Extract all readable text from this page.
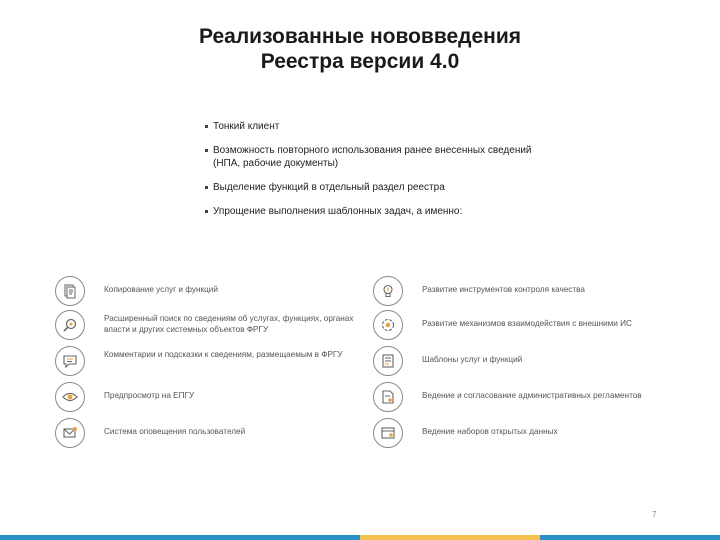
Реализованные нововведения
Реестра версии 4.0
Тонкий клиент
Возможность повторного использования ранее внесенных сведений (НПА, рабочие документы)
Выделение функций в отдельный раздел реестра
Упрощение выполнения шаблонных задач, а именно:
Копирование услуг и функций
Расширенный поиск по сведениям об услугах, функциях, органах власти и других системных объектов ФРГУ
Комментарии и подсказки к сведениям, размещаемым в ФРГУ
Предпросмотр на ЕПГУ
Система оповещения пользователей
Развитие инструментов контроля качества
Развитие механизмов взаимодействия с внешними ИС
Шаблоны услуг и функций
Ведение и согласование административных регламентов
Ведение наборов открытых данных
7
